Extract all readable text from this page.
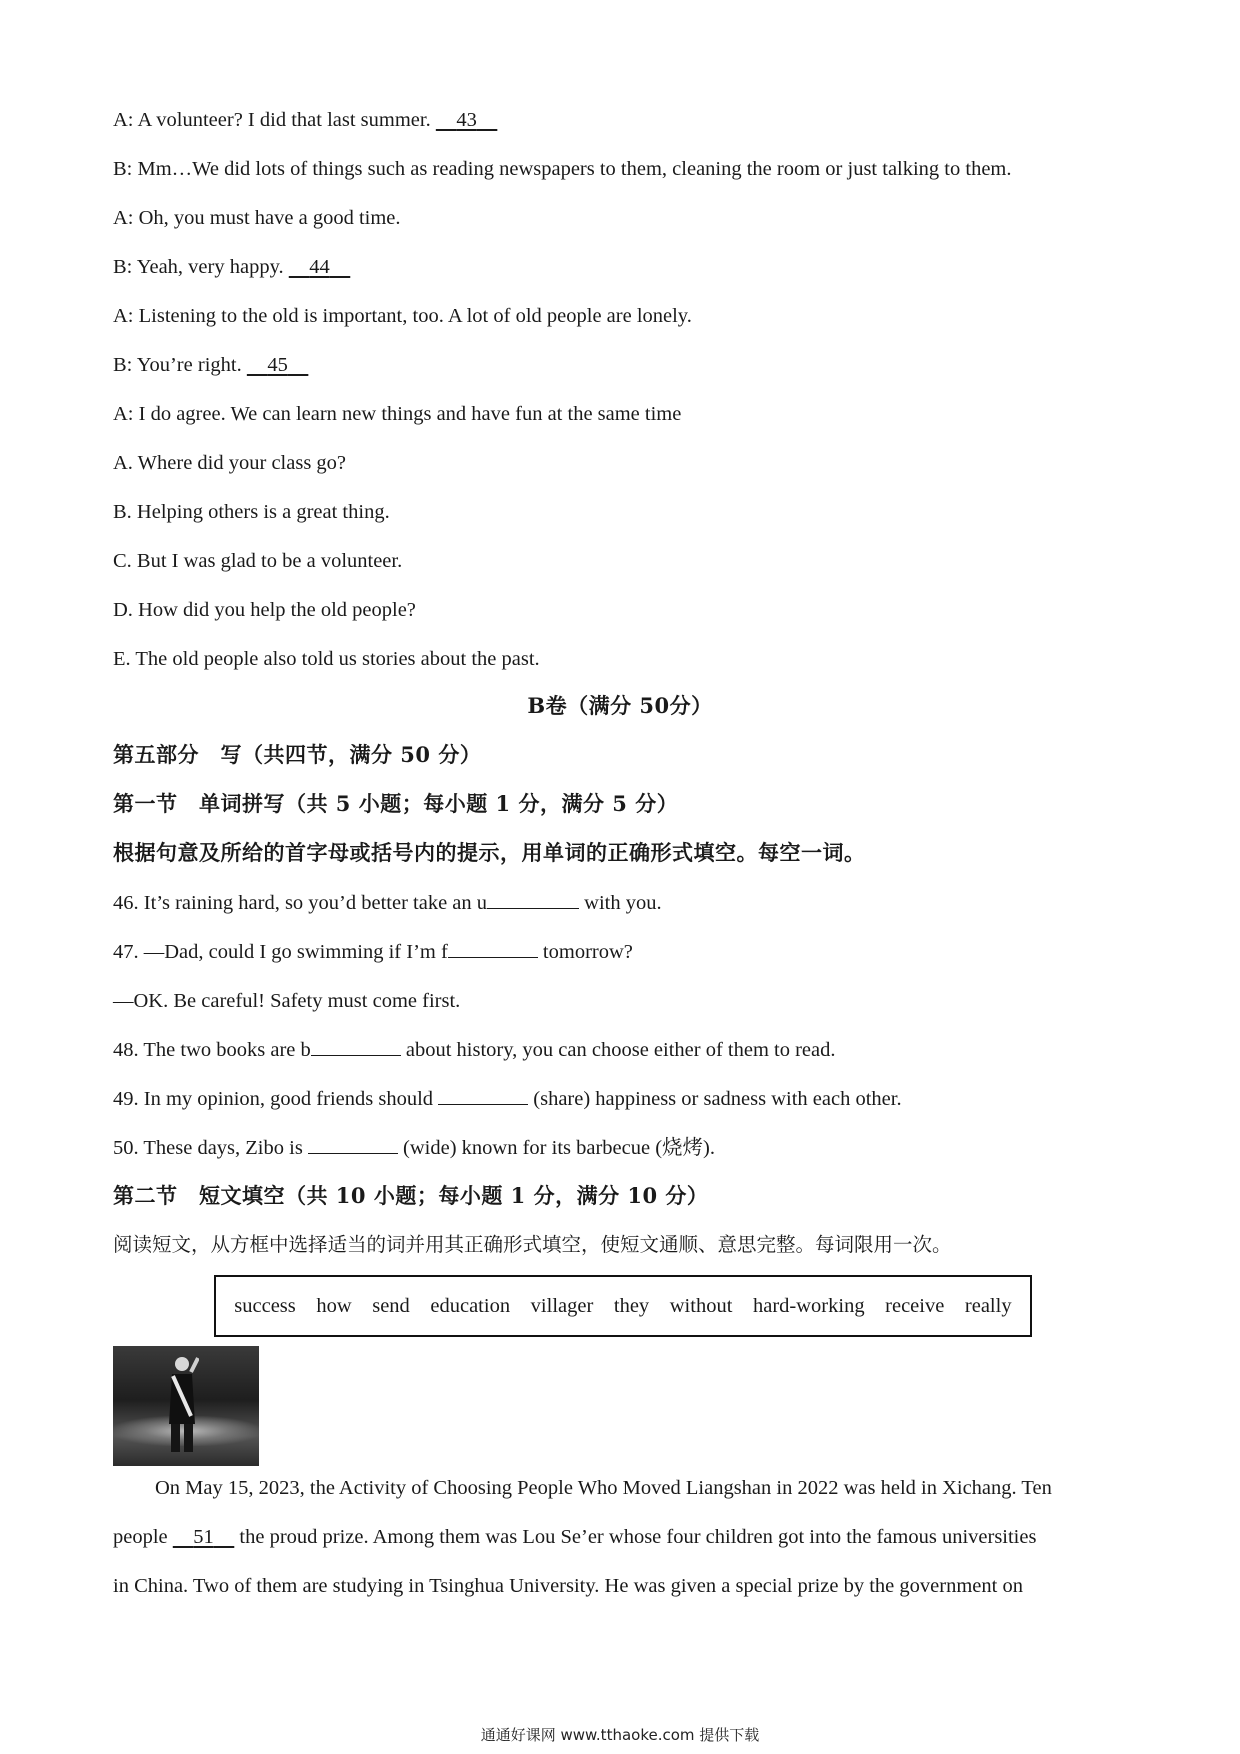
A: A volunteer? I did that last summer.     43
B: Mm…We did lots of things such as reading newspapers to them, cleaning the room or just talking to them.
A: Oh, you must have a good time.
B: Yeah, very happy.     44
A: Listening to the old is important, too. A lot of old people are lonely.
B: You’re right.     45
A: I do agree. We can learn new things and have fun at the same time
A. Where did your class go?
B. Helping others is a great thing.
C. But I was glad to be a volunteer.
D. How did you help the old people?
E. The old people also told us stories about the past.
B卷（满分 50分）
第五部分　写（共四节，满分 50 分）
第一节　单词拼写（共 5 小题；每小题 1 分，满分 5 分）
根据句意及所给的首字母或括号内的提示，用单词的正确形式填空。每空一词。
46. It’s raining hard, so you’d better take an u	with you.
47. —Dad, could I go swimming if I’m f	tomorrow?
—OK. Be careful! Safety must come first.
48. The two books are b	about history, you can choose either of them to read.
49. In my opinion, good friends should	(share) happiness or sadness with each other.
50. These days, Zibo is	(wide) known for its barbecue (烧烤).
第二节　短文填空（共 10 小题；每小题 1 分，满分 10 分）
阅读短文，从方框中选择适当的词并用其正确形式填空，使短文通顺、意思完整。每词限用一次。
success how send education villager they without hard-working receive really
On May 15, 2023, the Activity of Choosing People Who Moved Liangshan in 2022 was held in Xichang. Ten
people     51     the proud prize. Among them was Lou Se’er whose four children got into the famous universities
in China. Two of them are studying in Tsinghua University. He was given a special prize by the government on
通通好课网 www.tthaoke.com 提供下载
